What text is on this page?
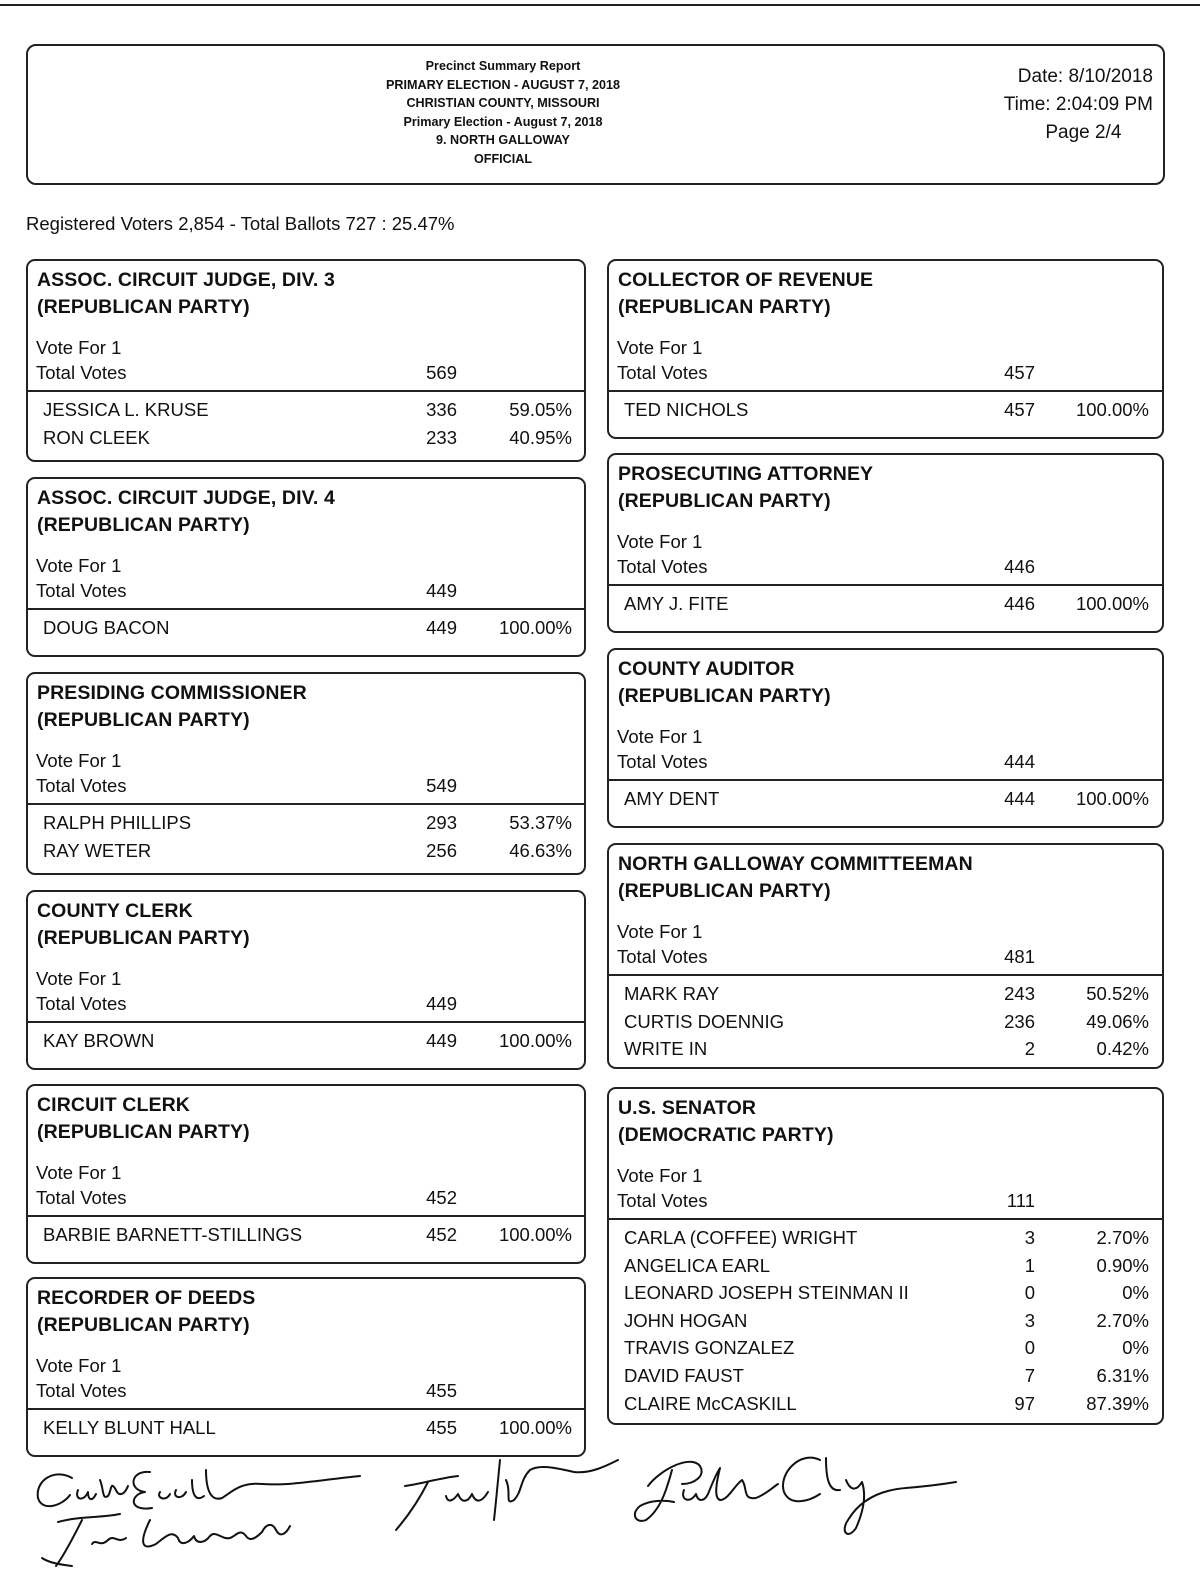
Precinct Summary Report
PRIMARY ELECTION - AUGUST 7, 2018
CHRISTIAN COUNTY, MISSOURI
Primary Election - August 7, 2018
9. NORTH GALLOWAY
OFFICIAL
Date: 8/10/2018
Time: 2:04:09 PM
Page 2/4
Registered Voters 2,854 - Total Ballots 727 : 25.47%
ASSOC. CIRCUIT JUDGE, DIV. 3
(REPUBLICAN PARTY)
Vote For 1
Total Votes	569
JESSICA L. KRUSE	336	59.05%
RON CLEEK	233	40.95%
ASSOC. CIRCUIT JUDGE, DIV. 4
(REPUBLICAN PARTY)
Vote For 1
Total Votes	449
DOUG BACON	449	100.00%
PRESIDING COMMISSIONER
(REPUBLICAN PARTY)
Vote For 1
Total Votes	549
RALPH PHILLIPS	293	53.37%
RAY WETER	256	46.63%
COUNTY CLERK
(REPUBLICAN PARTY)
Vote For 1
Total Votes	449
KAY BROWN	449	100.00%
CIRCUIT CLERK
(REPUBLICAN PARTY)
Vote For 1
Total Votes	452
BARBIE BARNETT-STILLINGS	452	100.00%
RECORDER OF DEEDS
(REPUBLICAN PARTY)
Vote For 1
Total Votes	455
KELLY BLUNT HALL	455	100.00%
COLLECTOR OF REVENUE
(REPUBLICAN PARTY)
Vote For 1
Total Votes	457
TED NICHOLS	457	100.00%
PROSECUTING ATTORNEY
(REPUBLICAN PARTY)
Vote For 1
Total Votes	446
AMY J. FITE	446	100.00%
COUNTY AUDITOR
(REPUBLICAN PARTY)
Vote For 1
Total Votes	444
AMY DENT	444	100.00%
NORTH GALLOWAY COMMITTEEMAN
(REPUBLICAN PARTY)
Vote For 1
Total Votes	481
MARK RAY	243	50.52%
CURTIS DOENNIG	236	49.06%
WRITE IN	2	0.42%
U.S. SENATOR
(DEMOCRATIC PARTY)
Vote For 1
Total Votes	111
CARLA (COFFEE) WRIGHT	3	2.70%
ANGELICA EARL	1	0.90%
LEONARD JOSEPH STEINMAN II	0	0%
JOHN HOGAN	3	2.70%
TRAVIS GONZALEZ	0	0%
DAVID FAUST	7	6.31%
CLAIRE McCASKILL	97	87.39%
